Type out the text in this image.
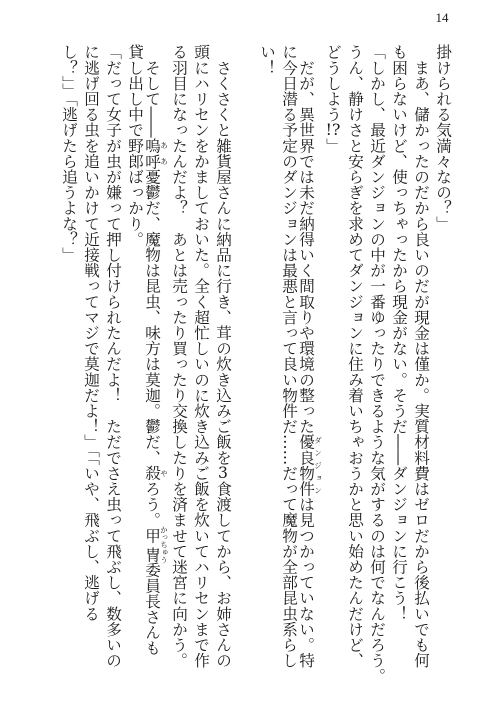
14
掛けられる気満々なの？」
　まあ、儲かったのだから良いのだが現金は僅か。実質材料費はゼロだから後払いでも何
も困らないけど、使っちゃったから現金がない。そうだ――ダンジョンに行こう！
「しかし、最近ダンジョンの中が一番ゆったりできるような気がするのは何でなんだろう。
うん、静けさと安らぎを求めてダンジョンに住み着いちゃおうかと思い始めたんだけど、
どうしよう!?」
　だが、異世界では未だ納得いく間取りや環境の整った優良物件ダンジョンは見つかっていない。特
に今日潜る予定のダンジョンは最悪と言って良い物件だ……だって魔物が全部昆虫系らし
い！
　さくさくと雑貨屋さんに納品に行き、茸の炊き込みご飯を3食渡してから、お姉さんの
頭にハリセンをかましておいた。全く超忙しいのに炊き込みご飯を炊いてハリセンまで作
る羽目になったんだよ？　あとは売ったり買ったり交換したりを済ませて迷宮に向かう。
　そして――嗚呼ああ憂鬱だ、魔物は昆虫、味方は莫迦。鬱だ、殺やろう。甲冑かっちゅう委員長さんも
貸し出し中で野郎ばっかり。
「だって女子が虫が嫌って押し付けられたんだよ！　ただでさえ虫って飛ぶし、数多いの
に逃げ回る虫を追いかけて近接戦ってマジで莫迦だよ！」「「いや、飛ぶし、逃げる
し？」」「逃げたら追うよな？」
